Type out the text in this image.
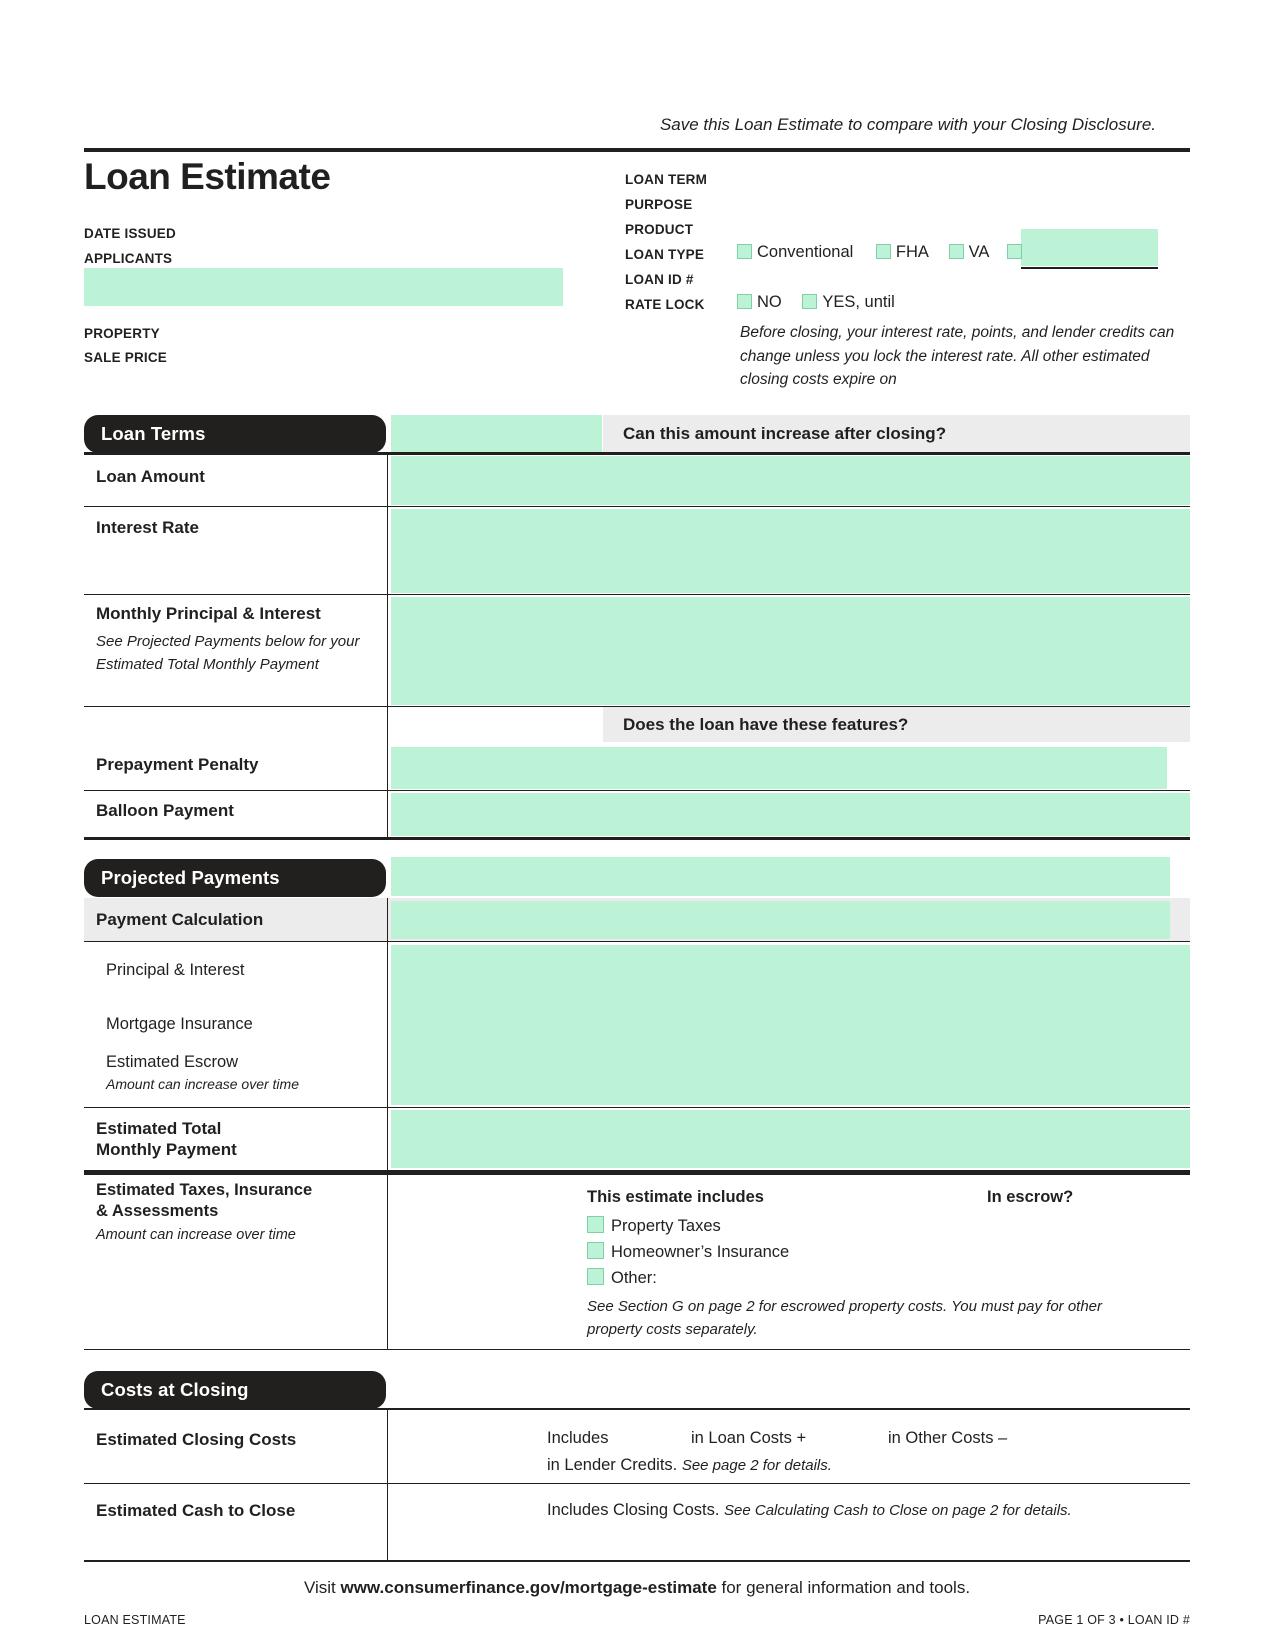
Save this Loan Estimate to compare with your Closing Disclosure.
Loan Estimate
DATE ISSUED
APPLICANTS
PROPERTY
SALE PRICE
LOAN TERM
PURPOSE
PRODUCT
LOAN TYPE
LOAN ID #
RATE LOCK
Conventional	FHA VA
NO YES, until
Before closing, your interest rate, points, and lender credits can change unless you lock the interest rate. All other estimated closing costs expire on
Loan Terms	Can this amount increase after closing?
Loan Amount
Interest Rate
Monthly Principal & Interest
See Projected Payments below for your Estimated Total Monthly Payment
Does the loan have these features?
Prepayment Penalty
Balloon Payment
Projected Payments
Payment Calculation
Principal & Interest
Mortgage Insurance
Estimated Escrow
Amount can increase over time
Estimated Total
Monthly Payment
Estimated Taxes, Insurance
& Assessments
Amount can increase over time
This estimate includes	In escrow?
Property Taxes
Homeowner’s Insurance
Other:
See Section G on page 2 for escrowed property costs. You must pay for other property costs separately.
Costs at Closing
Estimated Closing Costs	Includes	in Loan Costs +	in Other Costs –
in Lender Credits. See page 2 for details.
Estimated Cash to Close	Includes Closing Costs. See Calculating Cash to Close on page 2 for details.
Visit www.consumerfinance.gov/mortgage-estimate for general information and tools.
LOAN ESTIMATE	PAGE 1 OF 3 • LOAN ID #
